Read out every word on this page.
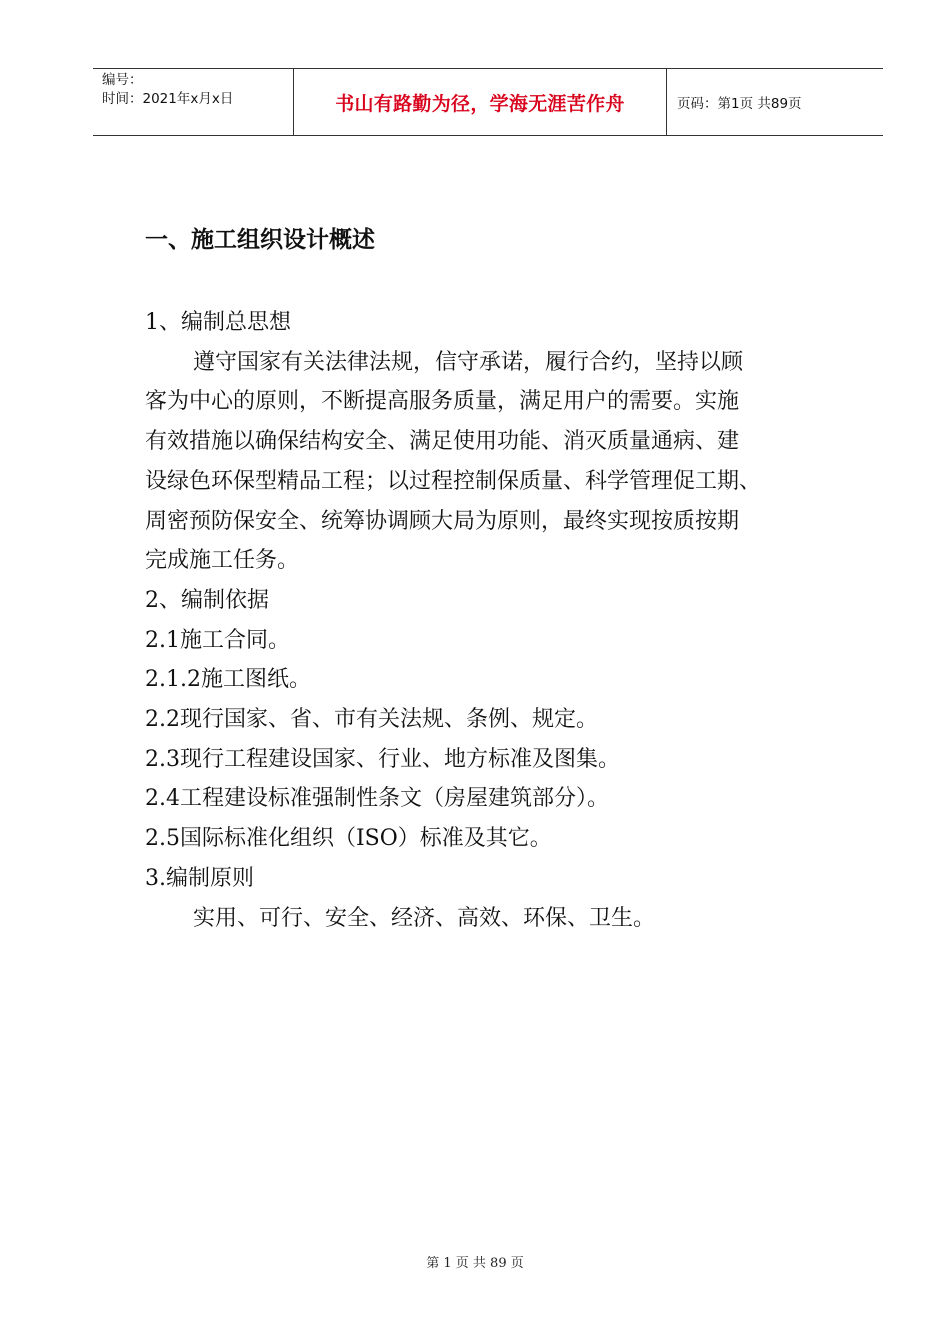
编号：
时间：2021年x月x日	书山有路勤为径，学海无涯苦作舟	页码：第1页 共89页
一、施工组织设计概述
1、编制总思想
遵守国家有关法律法规，信守承诺，履行合约，坚持以顾
客为中心的原则，不断提高服务质量，满足用户的需要。实施
有效措施以确保结构安全、满足使用功能、消灭质量通病、建
设绿色环保型精品工程；以过程控制保质量、科学管理促工期、
周密预防保安全、统筹协调顾大局为原则，最终实现按质按期
完成施工任务。
2、编制依据
2.1施工合同。
2.1.2施工图纸。
2.2现行国家、省、市有关法规、条例、规定。
2.3现行工程建设国家、行业、地方标准及图集。
2.4工程建设标准强制性条文（房屋建筑部分）。
2.5国际标准化组织（ISO）标准及其它。
3.编制原则
实用、可行、安全、经济、高效、环保、卫生。
第 1 页 共 89 页
